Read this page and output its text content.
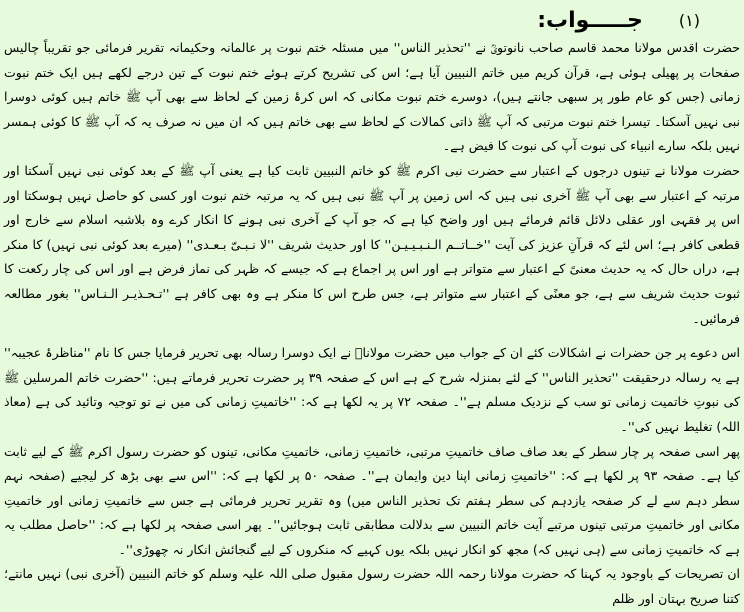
(۱)
جـــــواب:

حضرت اقدس مولانا محمد قاسم صاحب نانوتویؒ نے ''تحذیر الناس'' میں مسئلہ ختم نبوت پر عالمانہ وحکیمانہ تقریر فرمائی جو تقریباً چالیس صفحات پر پھیلی ہوئی ہے، قرآن کریم میں خاتم النبیین آیا ہے؛ اس کی تشریح کرتے ہوئے ختم نبوت کے تین درجے لکھے ہیں ایک ختم نبوت زمانی (جس کو عام طور پر سبھی جانتے ہیں)، دوسرے ختم نبوت مکانی کہ اس کرۂ زمین کے لحاظ سے بھی آپ ﷺ خاتم ہیں کوئی دوسرا نبی نہیں آسکتا۔ تیسرا ختم نبوت مرتبی کہ آپ ﷺ ذاتی کمالات کے لحاظ سے بھی خاتم ہیں کہ ان میں نہ صرف یہ کہ آپ ﷺ کا کوئی ہمسر نہیں بلکہ سارے انبیاء کی نبوت آپ کی نبوت کا فیض ہے۔

حضرت مولانا نے تینوں درجوں کے اعتبار سے حضرت نبی اکرم ﷺ کو خاتم النبیین ثابت کیا ہے یعنی آپ ﷺ کے بعد کوئی نبی نہیں آسکتا اور مرتبہ کے اعتبار سے بھی آپ ﷺ آخری نبی ہیں کہ اس زمین پر آپ ﷺ نبی ہیں کہ یہ مرتبہ ختم نبوت اور کسی کو حاصل نہیں ہوسکتا اور اس پر فقہی اور عقلی دلائل قائم فرمائے ہیں اور واضح کیا ہے کہ جو آپ کے آخری نبی ہونے کا انکار کرے وہ بلاشبہ اسلام سے خارج اور قطعی کافر ہے؛ اس لئے کہ قرآنِ عزیز کی آیت ''خــاتــم الـنـبـیـیـن'' کا اور حدیث شریف ''لا نـبـیّ بـعـدی'' (میرے بعد کوئی نبی نہیں) کا منکر ہے، دراں حال کہ یہ حدیث معنیً کے اعتبار سے متواتر ہے اور اس پر اجماع ہے کہ جیسے کہ ظہر کی نماز فرض ہے اور اس کی چار رکعت کا ثبوت حدیث شریف سے ہے، جو معنًی کے اعتبار سے متواتر ہے، جس طرح اس کا منکر ہے وہ بھی کافر ہے ''تـحـذیـر الـنـاس'' بغور مطالعہ فرمائیں۔

اس دعوے پر جن حضرات نے اشکالات کئے ان کے جواب میں حضرت مولاناؒ نے ایک دوسرا رسالہ بھی تحریر فرمایا جس کا نام ''مناظرۂ عجیبہ'' ہے یہ رسالہ درحقیقت ''تحذیر الناس'' کے لئے بمنزلہ شرح کے ہے اس کے صفحہ ۳۹ پر حضرت تحریر فرماتے ہیں: ''حضرت خاتم المرسلین ﷺ کی نبوتِ خاتمیت زمانی تو سب کے نزدیک مسلم ہے''۔ صفحہ ۷۲ پر یہ لکھا ہے کہ: ''خاتمیتِ زمانی کی میں نے تو توجیہ وتائید کی ہے (معاذ اللہ) تغلیط نہیں کی''۔

پھر اسی صفحہ پر چار سطر کے بعد صاف صاف خاتمیتِ مرتبی، خاتمیتِ زمانی، خاتمیتِ مکانی، تینوں کو حضرت رسول اکرم ﷺ کے لیے ثابت کیا ہے۔ صفحہ ۹۳ پر لکھا ہے کہ: ''خاتمیتِ زمانی اپنا دین وایمان ہے''۔ صفحہ ۵۰ پر لکھا ہے کہ: ''اس سے بھی بڑھ کر لیجیے (صفحہ نہم سطر دہم سے لے کر صفحہ یازدہم کی سطر ہفتم تک تحذیر الناس میں) وہ تقریر تحریر فرمائی ہے جس سے خاتمیتِ زمانی اور خاتمیتِ مکانی اور خاتمیتِ مرتبی تینوں مرتبے آیت خاتم النبیین سے بدلالت مطابقی ثابت ہوجائیں''۔ پھر اسی صفحہ پر لکھا ہے کہ: ''حاصل مطلب یہ ہے کہ خاتمیتِ زمانی سے (ہی نہیں کہ) مجھ کو انکار نہیں بلکہ یوں کہیے کہ منکروں کے لیے گنجائش انکار نہ چھوڑی''۔

ان تصریحات کے باوجود یہ کہنا کہ حضرت مولانا رحمہ اللہ حضرت رسول مقبول صلی اللہ علیہ وسلم کو خاتم النبیین (آخری نبی) نہیں مانتے؛ کتنا صریح بہتان اور ظلم
